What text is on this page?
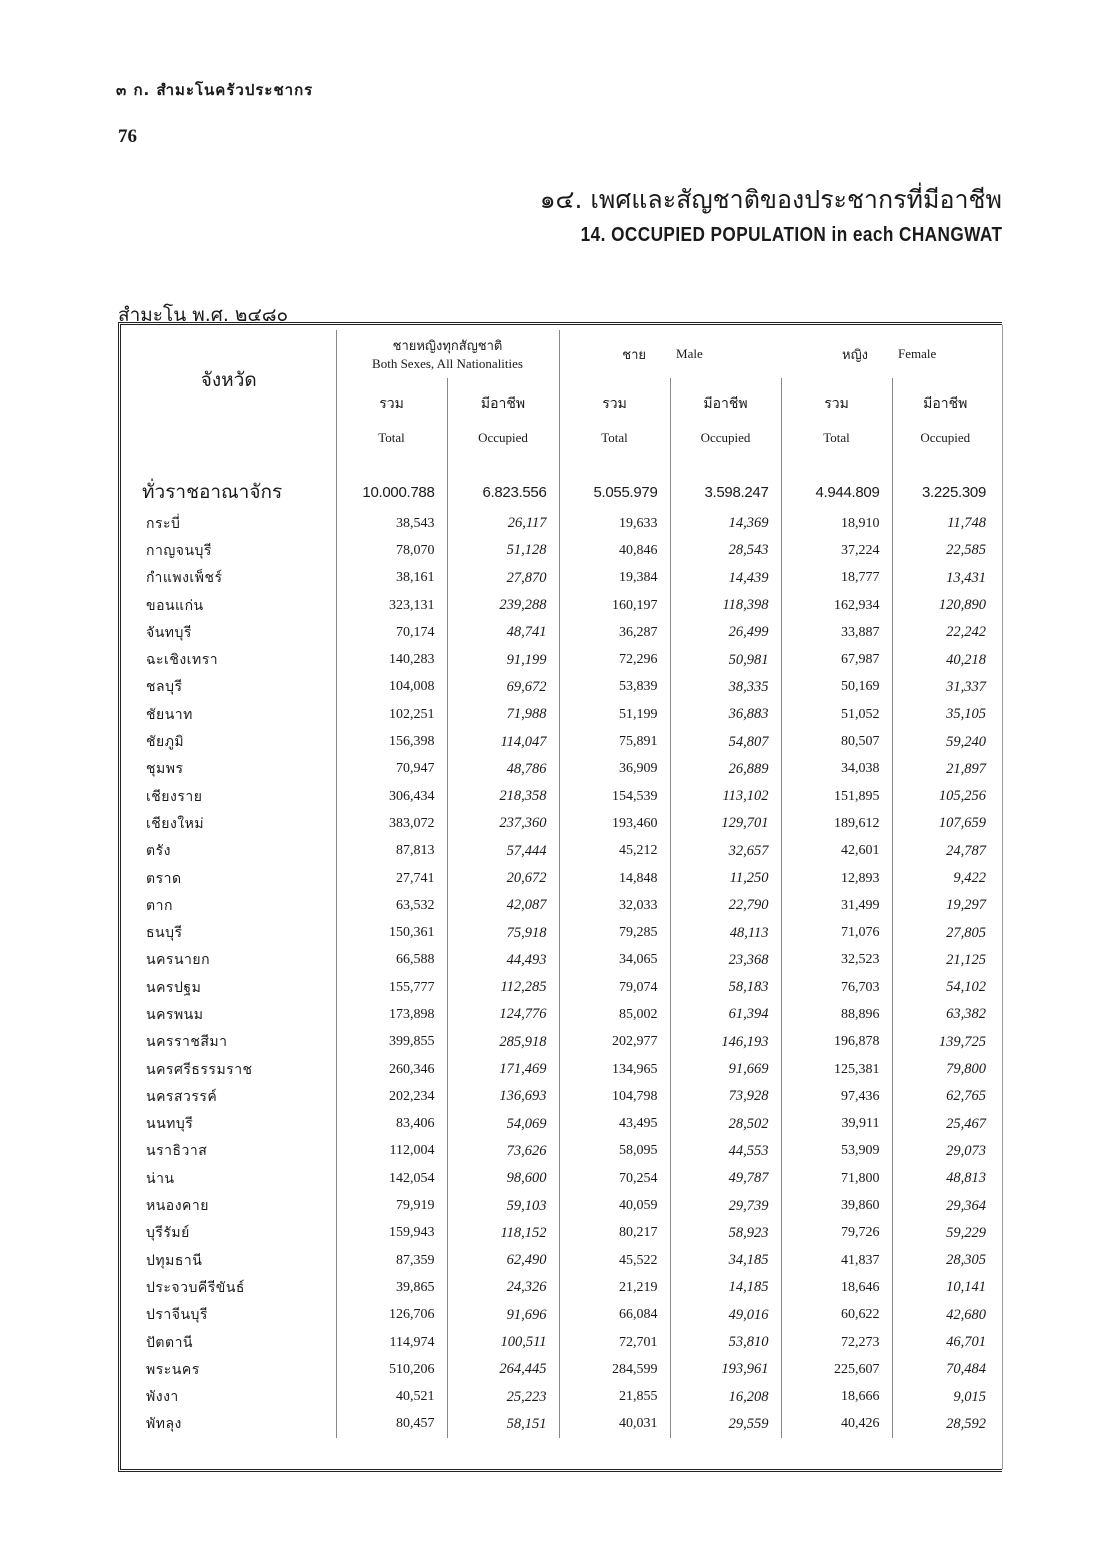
๓ ก. สำมะโนครัวประชากร
76
๑๔. เพศและสัญชาติของประชากรที่มีอาชีพ
14. OCCUPIED POPULATION in each CHANGWAT
สำมะโน พ.ศ. ๒๔๘๐
จังหวัด	ชายหญิงทุกสัญชาติ		ชาย	Male	หญิง	Female
	Both Sexes, All Nationalities					
	รวม	มีอาชีพ	รวม	มีอาชีพ	รวม	มีอาชีพ
	Total	Occupied	Total	Occupied	Total	Occupied

ทั่วราชอาณาจักร	10.000.788	6.823.556	5.055.979	3.598.247	4.944.809	3.225.309
กระบี่	38,543	26,117	19,633	14,369	18,910	11,748
กาญจนบุรี	78,070	51,128	40,846	28,543	37,224	22,585
กำแพงเพ็ชร์	38,161	27,870	19,384	14,439	18,777	13,431
ขอนแก่น	323,131	239,288	160,197	118,398	162,934	120,890
จันทบุรี	70,174	48,741	36,287	26,499	33,887	22,242
ฉะเชิงเทรา	140,283	91,199	72,296	50,981	67,987	40,218
ชลบุรี	104,008	69,672	53,839	38,335	50,169	31,337
ชัยนาท	102,251	71,988	51,199	36,883	51,052	35,105
ชัยภูมิ	156,398	114,047	75,891	54,807	80,507	59,240
ชุมพร	70,947	48,786	36,909	26,889	34,038	21,897
เชียงราย	306,434	218,358	154,539	113,102	151,895	105,256
เชียงใหม่	383,072	237,360	193,460	129,701	189,612	107,659
ตรัง	87,813	57,444	45,212	32,657	42,601	24,787
ตราด	27,741	20,672	14,848	11,250	12,893	9,422
ตาก	63,532	42,087	32,033	22,790	31,499	19,297
ธนบุรี	150,361	75,918	79,285	48,113	71,076	27,805
นครนายก	66,588	44,493	34,065	23,368	32,523	21,125
นครปฐม	155,777	112,285	79,074	58,183	76,703	54,102
นครพนม	173,898	124,776	85,002	61,394	88,896	63,382
นครราชสีมา	399,855	285,918	202,977	146,193	196,878	139,725
นครศรีธรรมราช	260,346	171,469	134,965	91,669	125,381	79,800
นครสวรรค์	202,234	136,693	104,798	73,928	97,436	62,765
นนทบุรี	83,406	54,069	43,495	28,502	39,911	25,467
นราธิวาส	112,004	73,626	58,095	44,553	53,909	29,073
น่าน	142,054	98,600	70,254	49,787	71,800	48,813
หนองคาย	79,919	59,103	40,059	29,739	39,860	29,364
บุรีรัมย์	159,943	118,152	80,217	58,923	79,726	59,229
ปทุมธานี	87,359	62,490	45,522	34,185	41,837	28,305
ประจวบคีรีขันธ์	39,865	24,326	21,219	14,185	18,646	10,141
ปราจีนบุรี	126,706	91,696	66,084	49,016	60,622	42,680
ปัตตานี	114,974	100,511	72,701	53,810	72,273	46,701
พระนคร	510,206	264,445	284,599	193,961	225,607	70,484
พังงา	40,521	25,223	21,855	16,208	18,666	9,015
พัทลุง	80,457	58,151	40,031	29,559	40,426	28,592
